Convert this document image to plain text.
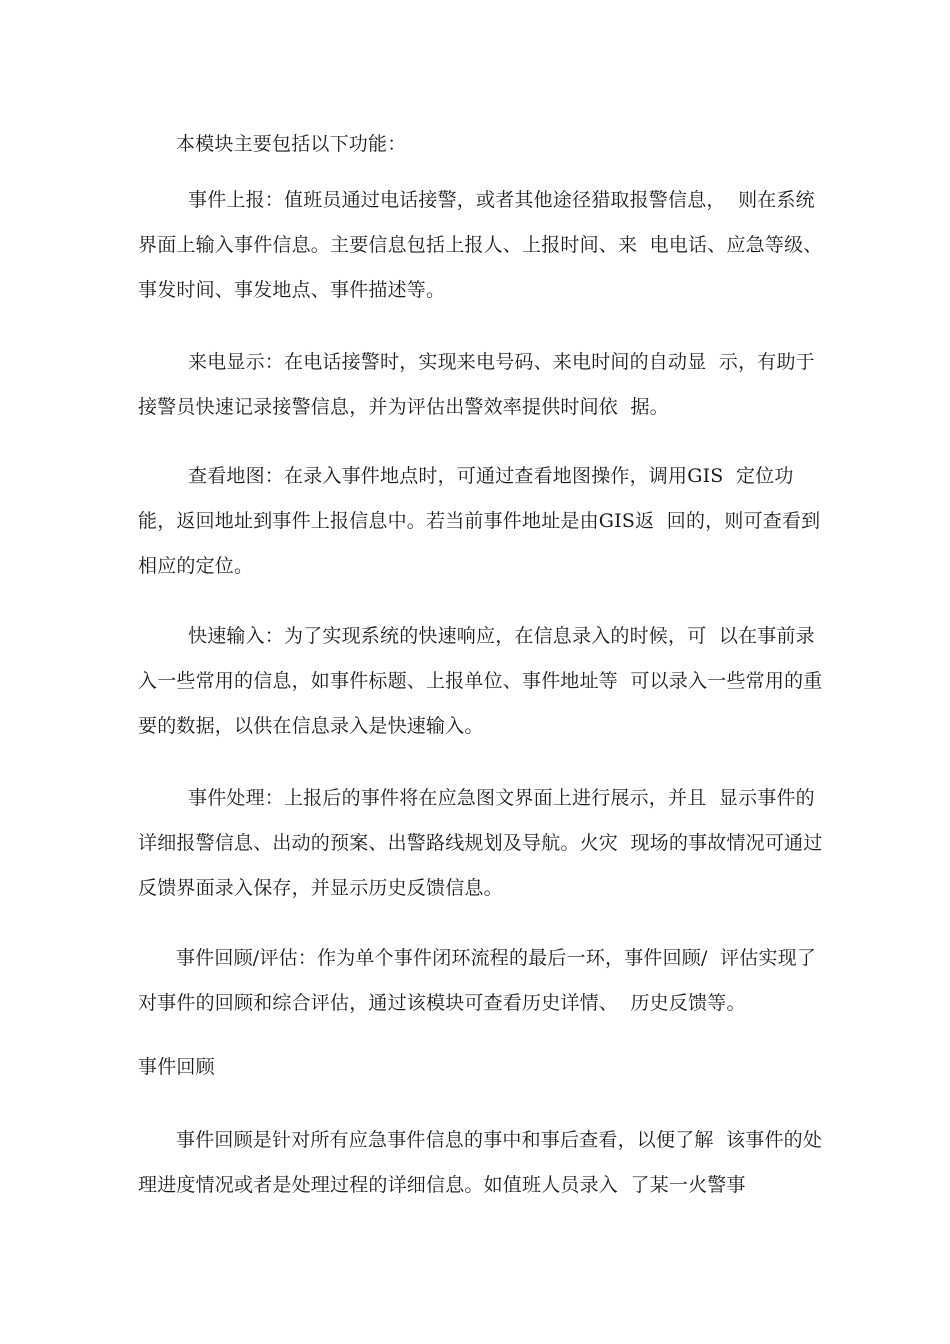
本模块主要包括以下功能：
事件上报：值班员通过电话接警，或者其他途径猎取报警信息，  则在系统界面上输入事件信息。主要信息包括上报人、上报时间、来  电电话、应急等级、事发时间、事发地点、事件描述等。
来电显示：在电话接警时，实现来电号码、来电时间的自动显  示，有助于接警员快速记录接警信息，并为评估出警效率提供时间依  据。
查看地图：在录入事件地点时，可通过查看地图操作，调用GIS  定位功能，返回地址到事件上报信息中。若当前事件地址是由GIS返  回的，则可查看到相应的定位。
快速输入：为了实现系统的快速响应，在信息录入的时候，可  以在事前录入一些常用的信息，如事件标题、上报单位、事件地址等  可以录入一些常用的重要的数据，以供在信息录入是快速输入。
事件处理：上报后的事件将在应急图文界面上进行展示，并且  显示事件的详细报警信息、出动的预案、出警路线规划及导航。火灾  现场的事故情况可通过反馈界面录入保存，并显示历史反馈信息。
事件回顾/评估：作为单个事件闭环流程的最后一环，事件回顾/  评估实现了对事件的回顾和综合评估，通过该模块可查看历史详情、  历史反馈等。
事件回顾
事件回顾是针对所有应急事件信息的事中和事后查看，以便了解  该事件的处理进度情况或者是处理过程的详细信息。如值班人员录入  了某一火警事
